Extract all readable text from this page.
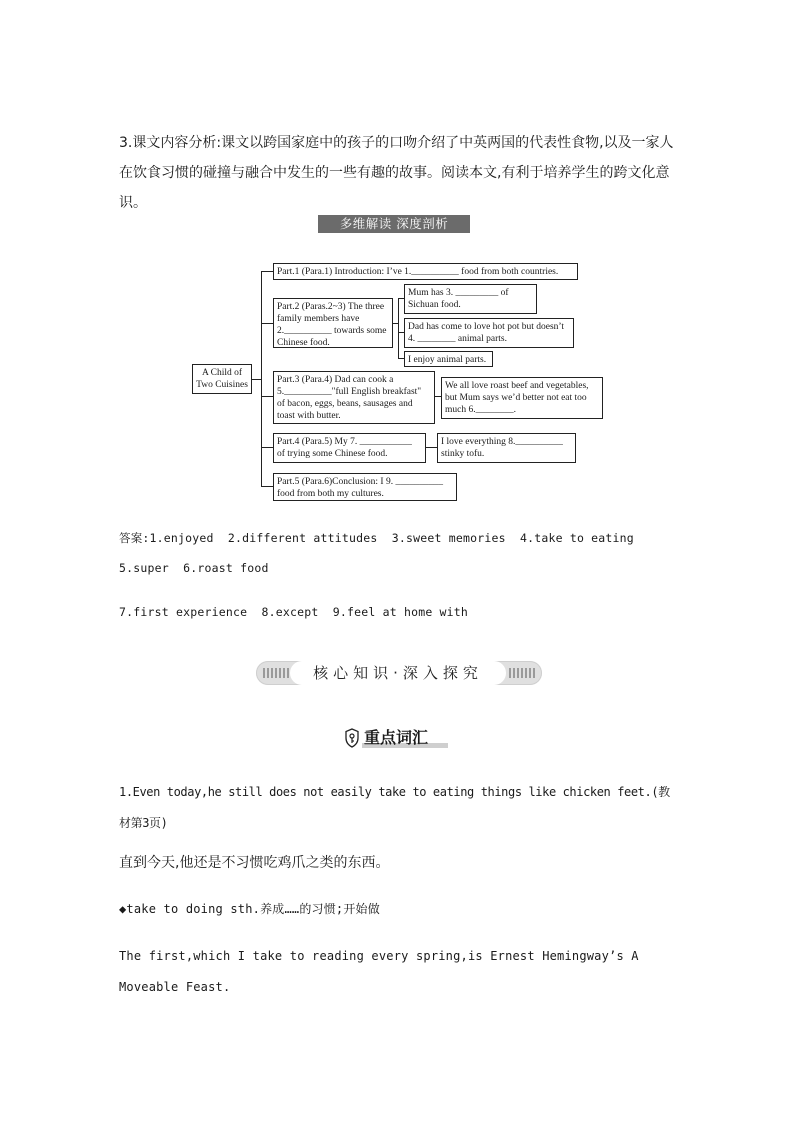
3.课文内容分析:课文以跨国家庭中的孩子的口吻介绍了中英两国的代表性食物,以及一家人在饮食习惯的碰撞与融合中发生的一些有趣的故事。阅读本文,有利于培养学生的跨文化意识。
多维解读 深度剖析
A Child of Two Cuisines
Part.1 (Para.1) Introduction: I’ve 1.__________ food from both countries.
Part.2 (Paras.2~3) The three family members have 2.__________ towards some Chinese food.
Mum has 3. _________ of Sichuan food.
Dad has come to love hot pot but doesn’t 4. ________ animal parts.
I enjoy animal parts.
Part.3 (Para.4) Dad can cook a 5.__________"full English breakfast" of bacon, eggs, beans, sausages and toast with butter.
We all love roast beef and vegetables, but Mum says we’d better not eat too much 6.________.
Part.4 (Para.5) My 7. ___________ of trying some Chinese food.
I love everything 8.__________ stinky tofu.
Part.5 (Para.6)Conclusion: I 9. __________ food from both my cultures.
答案:1.enjoyed  2.different attitudes  3.sweet memories  4.take to eating
5.super  6.roast food
7.first experience  8.except  9.feel at home with
核心知识·深入探究
重点词汇
1.Even today,he still does not easily take to eating things like chicken feet.(教材第3页)
直到今天,他还是不习惯吃鸡爪之类的东西。
◆take to doing sth.养成……的习惯;开始做
The first,which I take to reading every spring,is Ernest Hemingway’s A Moveable Feast.
